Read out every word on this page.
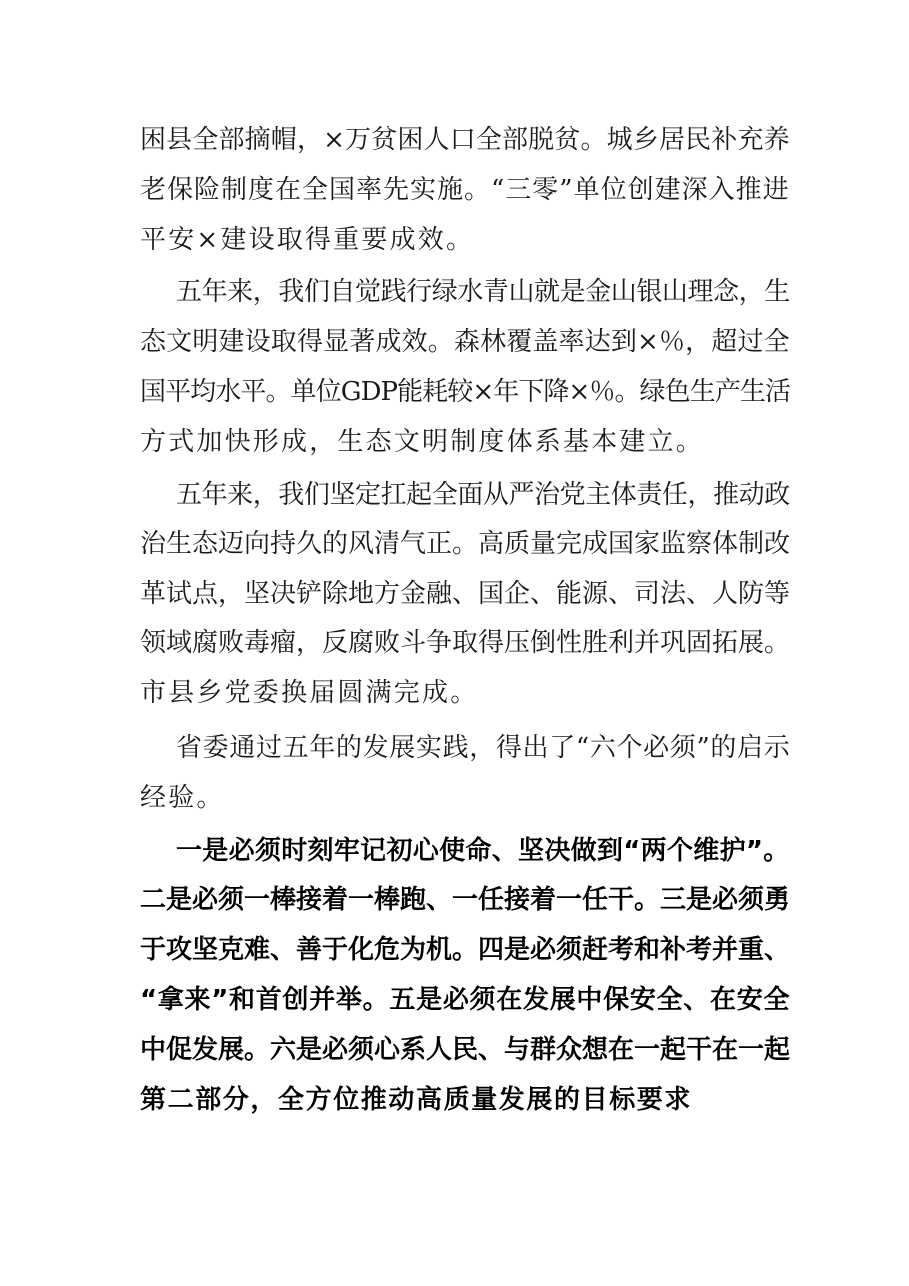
困县全部摘帽，×万贫困人口全部脱贫。城乡居民补充养
老保险制度在全国率先实施。“三零”单位创建深入推进
平安×建设取得重要成效。
五年来，我们自觉践行绿水青山就是金山银山理念，生
态文明建设取得显著成效。森林覆盖率达到×％，超过全
国平均水平。单位GDP能耗较×年下降×％。绿色生产生活
方式加快形成，生态文明制度体系基本建立。
五年来，我们坚定扛起全面从严治党主体责任，推动政
治生态迈向持久的风清气正。高质量完成国家监察体制改
革试点，坚决铲除地方金融、国企、能源、司法、人防等
领域腐败毒瘤，反腐败斗争取得压倒性胜利并巩固拓展。
市县乡党委换届圆满完成。
省委通过五年的发展实践，得出了“六个必须”的启示
经验。
一是必须时刻牢记初心使命、坚决做到“两个维护”。
二是必须一棒接着一棒跑、一任接着一任干。三是必须勇
于攻坚克难、善于化危为机。四是必须赶考和补考并重、
“拿来”和首创并举。五是必须在发展中保安全、在安全
中促发展。六是必须心系人民、与群众想在一起干在一起
第二部分，全方位推动高质量发展的目标要求
